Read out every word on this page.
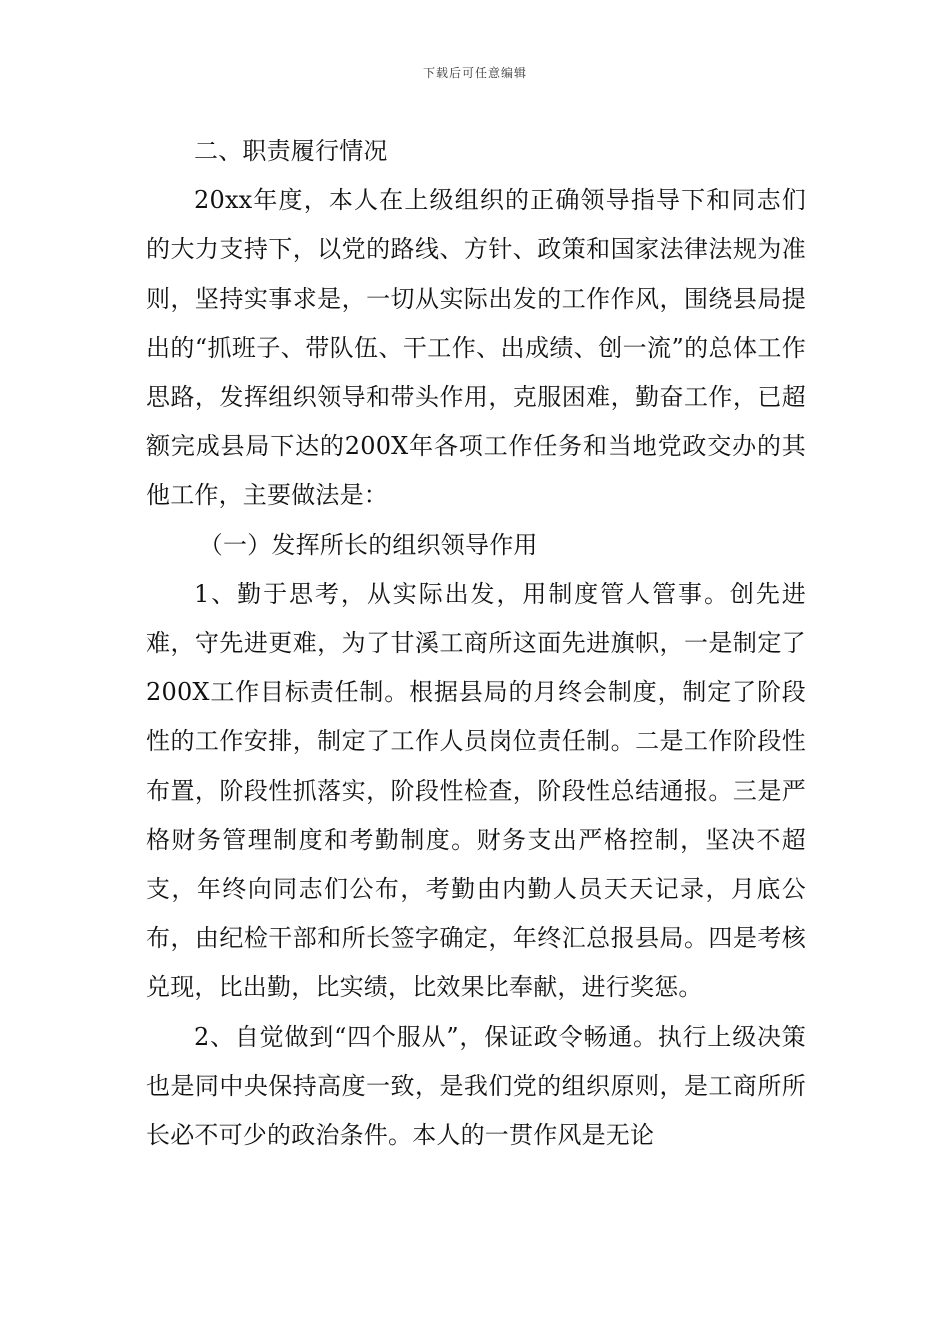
下载后可任意编辑

二、职责履行情况

20xx年度，本人在上级组织的正确领导指导下和同志们的大力支持下，以党的路线、方针、政策和国家法律法规为准则，坚持实事求是，一切从实际出发的工作作风，围绕县局提出的“抓班子、带队伍、干工作、出成绩、创一流”的总体工作思路，发挥组织领导和带头作用，克服困难，勤奋工作，已超额完成县局下达的200X年各项工作任务和当地党政交办的其他工作，主要做法是：

（一）发挥所长的组织领导作用

1、勤于思考，从实际出发，用制度管人管事。创先进难，守先进更难，为了甘溪工商所这面先进旗帜，一是制定了200X工作目标责任制。根据县局的月终会制度，制定了阶段性的工作安排，制定了工作人员岗位责任制。二是工作阶段性布置，阶段性抓落实，阶段性检查，阶段性总结通报。三是严格财务管理制度和考勤制度。财务支出严格控制，坚决不超支，年终向同志们公布，考勤由内勤人员天天记录，月底公布，由纪检干部和所长签字确定，年终汇总报县局。四是考核兑现，比出勤，比实绩，比效果比奉献，进行奖惩。

2、自觉做到“四个服从”，保证政令畅通。执行上级决策也是同中央保持高度一致，是我们党的组织原则，是工商所所长必不可少的政治条件。本人的一贯作风是无论
